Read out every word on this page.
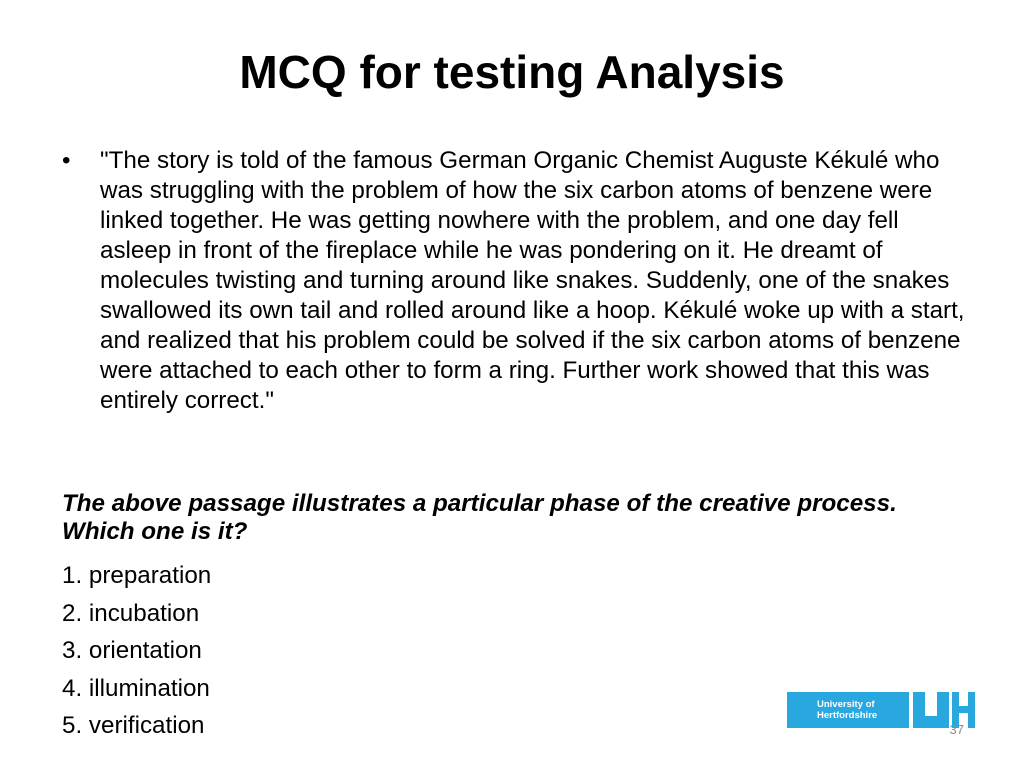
MCQ for testing Analysis
•	"The story is told of the famous German Organic Chemist Auguste Kékulé who was struggling with the problem of how the six carbon atoms of benzene were linked together. He was getting nowhere with the problem, and one day fell asleep in front of the fireplace while he was pondering on it. He dreamt of molecules twisting and turning around like snakes. Suddenly, one of the snakes swallowed its own tail and rolled around like a hoop. Kékulé woke up with a start, and realized that his problem could be solved if the six carbon atoms of benzene were attached to each other to form a ring. Further work showed that this was entirely correct."
The above passage illustrates a particular phase of the creative process. Which one is it?
1. preparation
2. incubation
3. orientation
4. illumination
5. verification
University of
Hertfordshire
37
